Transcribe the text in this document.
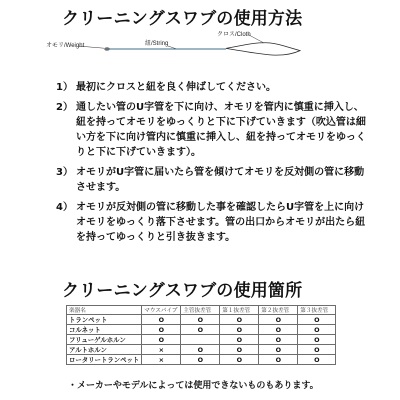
クリーニングスワブの使用方法
オモリ/Weight	紐/String
クロス/Cloth
1） 最初にクロスと紐を良く伸ばしてください。
2） 通したい管のU字管を下に向け、オモリを管内に慎重に挿入し、
紐を持ってオモリをゆっくりと下に下げていきます（吹込管は細
い方を下に向け管内に慎重に挿入し、紐を持ってオモリをゆっく
りと下に下げていきます）。
3） オモリがU字管に届いたら管を傾けてオモリを反対側の管に移動
させます。
4） オモリが反対側の管に移動した事を確認したらU字管を上に向け
オモリをゆっくり落下させます。管の出口からオモリが出たら紐
を持ってゆっくりと引き抜きます。
クリーニングスワブの使用箇所
楽器名	マウスパイプ	主管抜差管	第１抜差管	第２抜差管	第３抜差管
トランペット	O	O	O	O	O
コルネット	O	O	O	O	O
フリューゲルホルン	O		O	O	O
アルトホルン	×	O	O	O	O
ロータリートランペット	×	O	O	O	O
・メーカーやモデルによっては使用できないものもあります。
